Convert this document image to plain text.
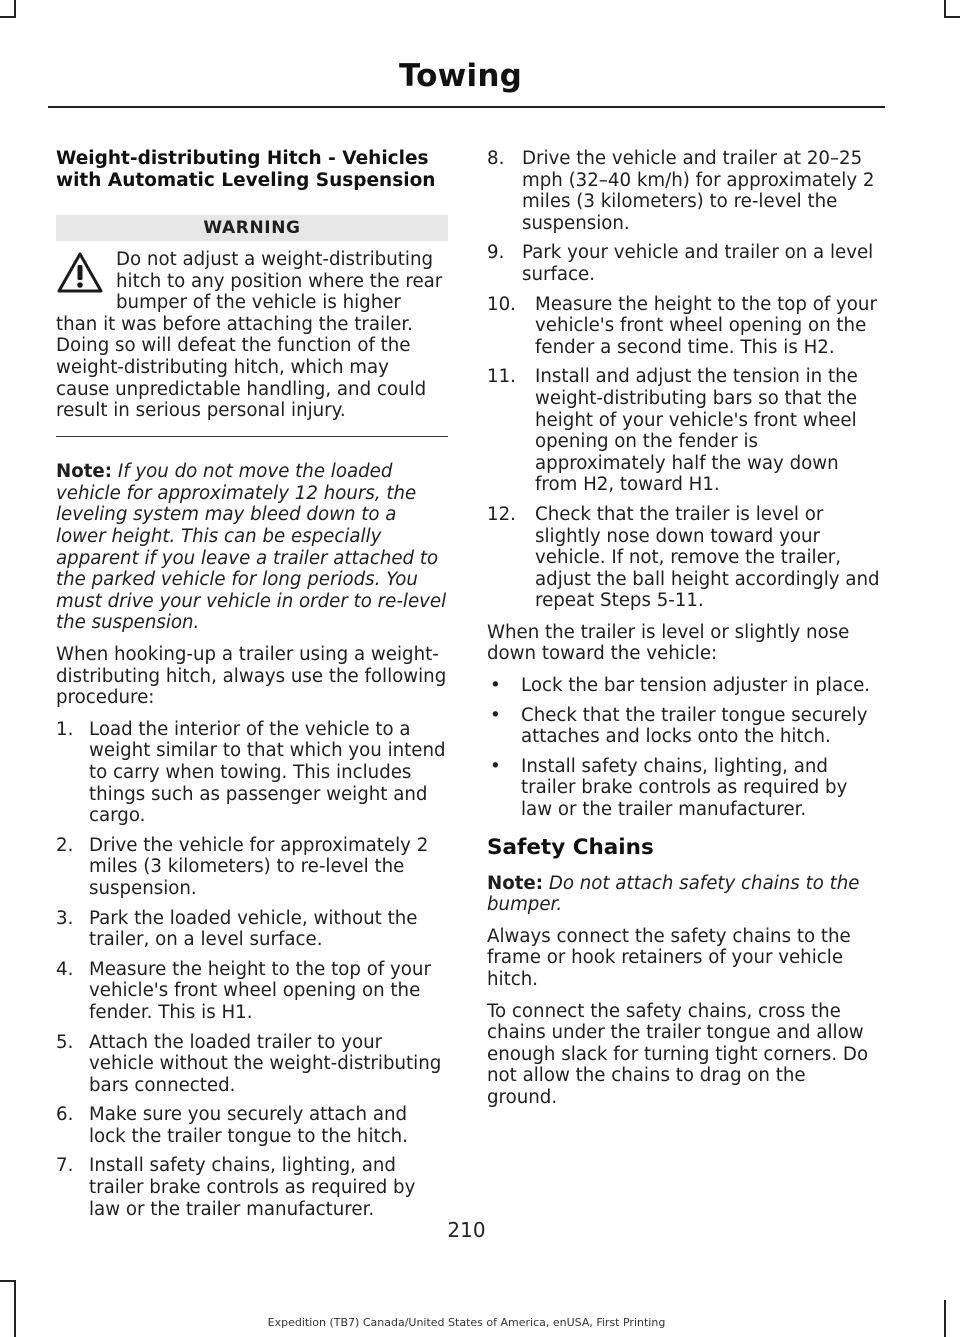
Towing
Weight-distributing Hitch - Vehicles with Automatic Leveling Suspension
WARNING

Do not adjust a weight-distributing hitch to any position where the rear bumper of the vehicle is higher than it was before attaching the trailer. Doing so will defeat the function of the weight-distributing hitch, which may cause unpredictable handling, and could result in serious personal injury.

Note: If you do not move the loaded vehicle for approximately 12 hours, the leveling system may bleed down to a lower height. This can be especially apparent if you leave a trailer attached to the parked vehicle for long periods. You must drive your vehicle in order to re-level the suspension.

When hooking-up a trailer using a weight-distributing hitch, always use the following procedure:

1. Load the interior of the vehicle to a weight similar to that which you intend to carry when towing. This includes things such as passenger weight and cargo.
2. Drive the vehicle for approximately 2 miles (3 kilometers) to re-level the suspension.
3. Park the loaded vehicle, without the trailer, on a level surface.
4. Measure the height to the top of your vehicle's front wheel opening on the fender. This is H1.
5. Attach the loaded trailer to your vehicle without the weight-distributing bars connected.
6. Make sure you securely attach and lock the trailer tongue to the hitch.
7. Install safety chains, lighting, and trailer brake controls as required by law or the trailer manufacturer.
8. Drive the vehicle and trailer at 20–25 mph (32–40 km/h) for approximately 2 miles (3 kilometers) to re-level the suspension.
9. Park your vehicle and trailer on a level surface.
10. Measure the height to the top of your vehicle's front wheel opening on the fender a second time. This is H2.
11. Install and adjust the tension in the weight-distributing bars so that the height of your vehicle's front wheel opening on the fender is approximately half the way down from H2, toward H1.
12. Check that the trailer is level or slightly nose down toward your vehicle. If not, remove the trailer, adjust the ball height accordingly and repeat Steps 5-11.

When the trailer is level or slightly nose down toward the vehicle:

• Lock the bar tension adjuster in place.
• Check that the trailer tongue securely attaches and locks onto the hitch.
• Install safety chains, lighting, and trailer brake controls as required by law or the trailer manufacturer.
Safety Chains

Note: Do not attach safety chains to the bumper.

Always connect the safety chains to the frame or hook retainers of your vehicle hitch.

To connect the safety chains, cross the chains under the trailer tongue and allow enough slack for turning tight corners. Do not allow the chains to drag on the ground.

210
Expedition (TB7) Canada/United States of America, enUSA, First Printing
